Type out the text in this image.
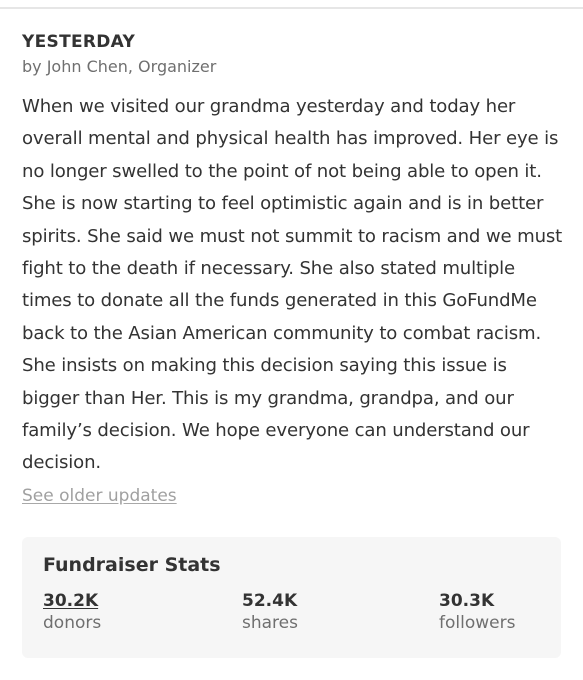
YESTERDAY
by John Chen, Organizer
When we visited our grandma yesterday and today her overall mental and physical health has improved. Her eye is no longer swelled to the point of not being able to open it. She is now starting to feel optimistic again and is in better spirits. She said we must not summit to racism and we must fight to the death if necessary. She also stated multiple times to donate all the funds generated in this GoFundMe back to the Asian American community to combat racism. She insists on making this decision saying this issue is bigger than Her. This is my grandma, grandpa, and our family’s decision. We hope everyone can understand our decision.
See older updates
Fundraiser Stats
30.2K
donors
52.4K
shares
30.3K
followers
